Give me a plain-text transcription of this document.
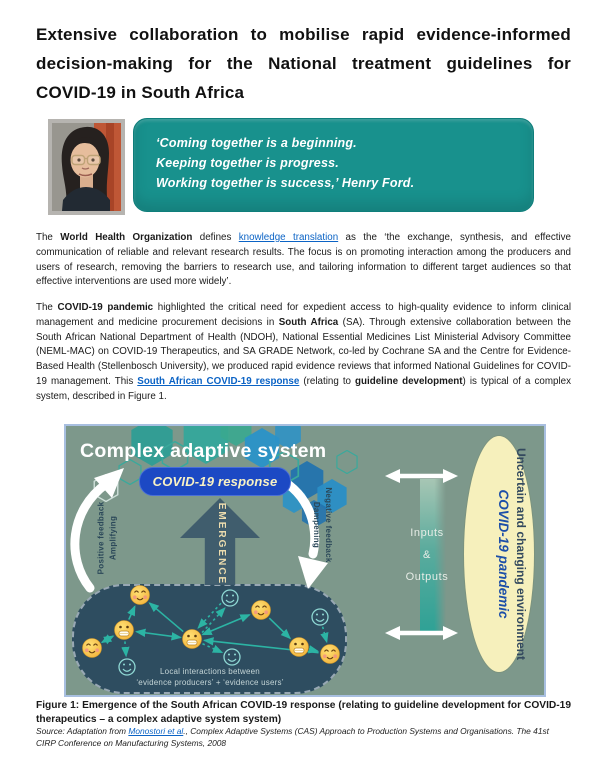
Extensive collaboration to mobilise rapid evidence-informed decision-making for the National treatment guidelines for COVID-19 in South Africa
‘Coming together is a beginning.
Keeping together is progress.
Working together is success,’ Henry Ford.

The World Health Organization defines knowledge translation as the ‘the exchange, synthesis, and effective communication of reliable and relevant research results. The focus is on promoting interaction among the producers and users of research, removing the barriers to research use, and tailoring information to different target audiences so that effective interventions are used more widely’.

The COVID-19 pandemic highlighted the critical need for expedient access to high-quality evidence to inform clinical management and medicine procurement decisions in South Africa (SA). Through extensive collaboration between the South African National Department of Health (NDOH), National Essential Medicines List Ministerial Advisory Committee (NEML-MAC) on COVID-19 Therapeutics, and SA GRADE Network, co-led by Cochrane SA and the Centre for Evidence-Based Health (Stellenbosch University), we produced rapid evidence reviews that informed National Guidelines for COVID-19 management. This South African COVID-19 response (relating to guideline development) is typical of a complex system, described in Figure 1.

Complex adaptive system
COVID-19 response
EMERGENCE
Positive feedback Amplifying	Negative feedback
Dampening	Inputs
&
Outputs	Uncertain and changing environment
COVID-19 pandemic
Local interactions between
‘evidence producers’ + ‘evidence users’

Figure 1: Emergence of the South African COVID-19 response (relating to guideline development for COVID-19 therapeutics – a complex adaptive system system)

Source: Adaptation from Monostori et al., Complex Adaptive Systems (CAS) Approach to Production Systems and Organisations. The 41st CIRP Conference on Manufacturing Systems, 2008
